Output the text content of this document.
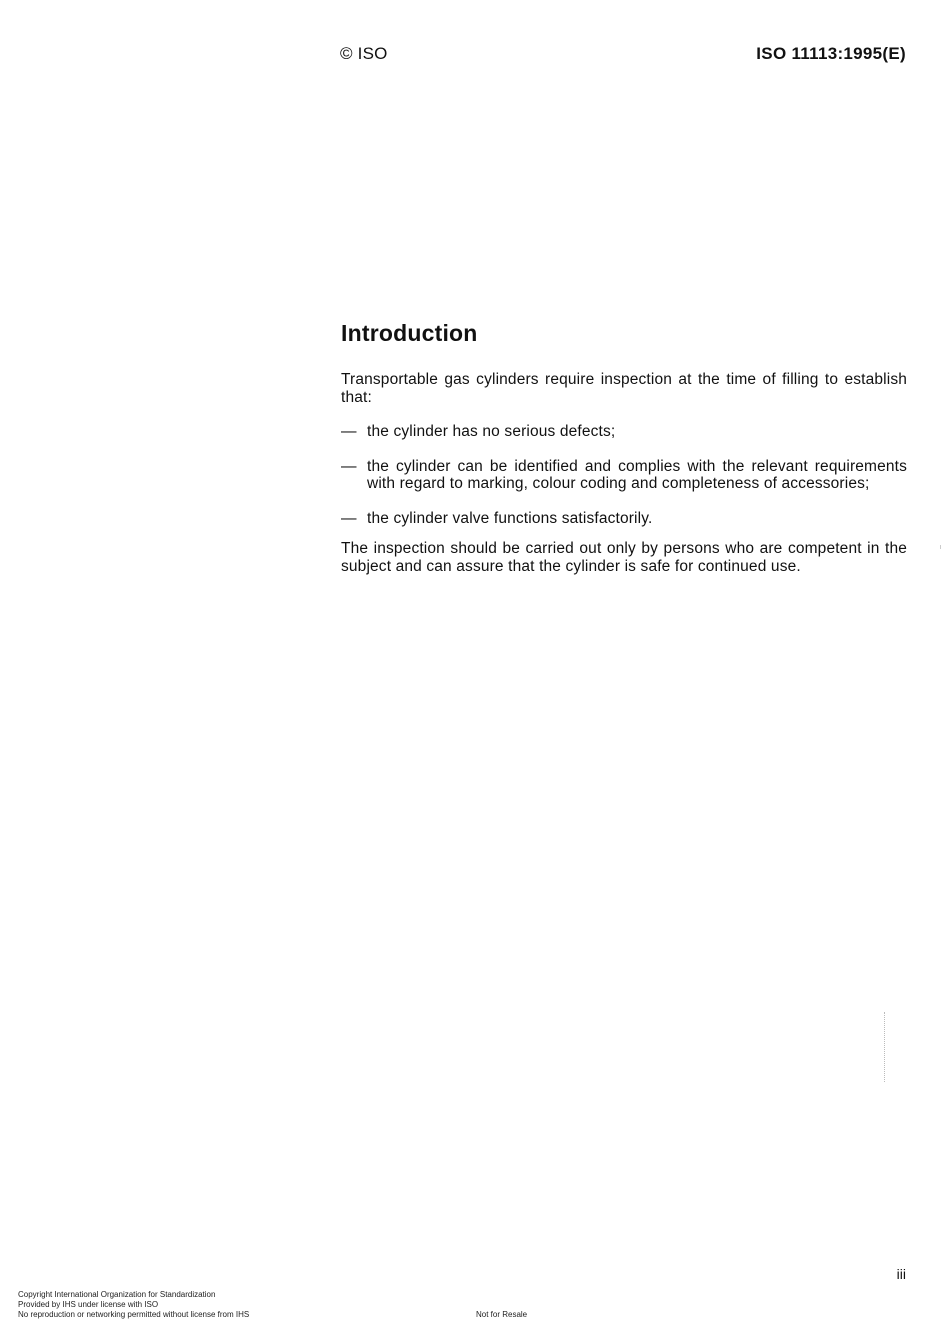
© ISO	ISO 11113:1995(E)
Introduction

Transportable gas cylinders require inspection at the time of filling to establish that:

— the cylinder has no serious defects;
— the cylinder can be identified and complies with the relevant requirements with regard to marking, colour coding and completeness of accessories;
— the cylinder valve functions satisfactorily.

The inspection should be carried out only by persons who are competent in the subject and can assure that the cylinder is safe for continued use.

iii
Copyright International Organization for Standardization
Provided by IHS under license with ISO
No reproduction or networking permitted without license from IHS	Not for Resale
